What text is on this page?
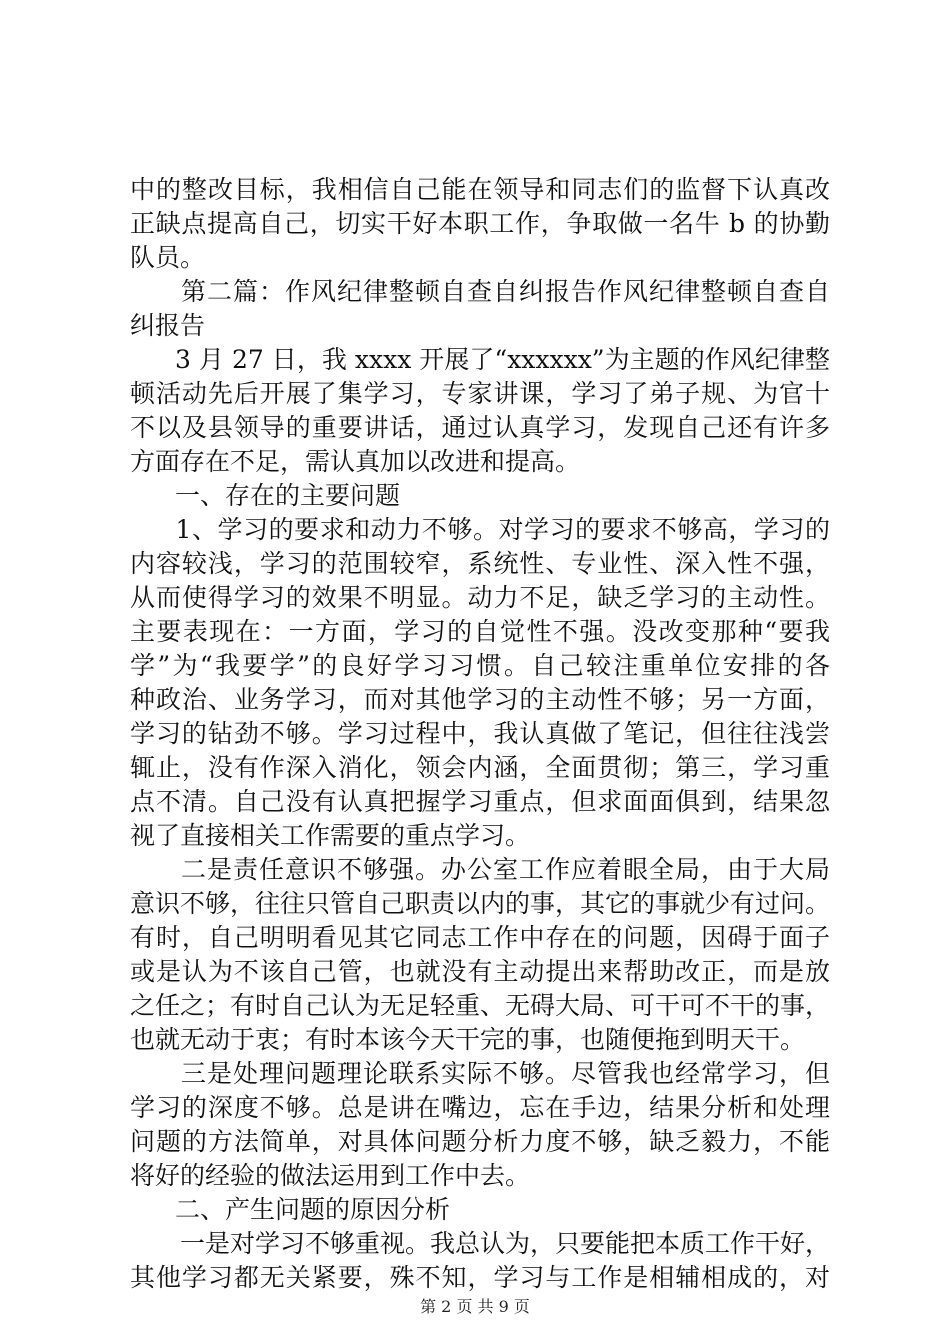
中的整改目标，我相信自己能在领导和同志们的监督下认真改
正缺点提高自己，切实干好本职工作，争取做一名牛 b 的协勤
队员。
　第二篇：作风纪律整顿自查自纠报告作风纪律整顿自查自
纠报告
　3 月 27 日，我 xxxx 开展了“xxxxxx”为主题的作风纪律整
顿活动先后开展了集学习，专家讲课，学习了弟子规、为官十
不以及县领导的重要讲话，通过认真学习，发现自己还有许多
方面存在不足，需认真加以改进和提高。
　一、存在的主要问题
　1、学习的要求和动力不够。对学习的要求不够高，学习的
内容较浅，学习的范围较窄，系统性、专业性、深入性不强，
从而使得学习的效果不明显。动力不足，缺乏学习的主动性。
主要表现在：一方面，学习的自觉性不强。没改变那种“要我
学”为“我要学”的良好学习习惯。自己较注重单位安排的各
种政治、业务学习，而对其他学习的主动性不够；另一方面，
学习的钻劲不够。学习过程中，我认真做了笔记，但往往浅尝
辄止，没有作深入消化，领会内涵，全面贯彻；第三，学习重
点不清。自己没有认真把握学习重点，但求面面俱到，结果忽
视了直接相关工作需要的重点学习。
　二是责任意识不够强。办公室工作应着眼全局，由于大局
意识不够，往往只管自己职责以内的事，其它的事就少有过问。
有时，自己明明看见其它同志工作中存在的问题，因碍于面子
或是认为不该自己管，也就没有主动提出来帮助改正，而是放
之任之；有时自己认为无足轻重、无碍大局、可干可不干的事，
也就无动于衷；有时本该今天干完的事，也随便拖到明天干。
　三是处理问题理论联系实际不够。尽管我也经常学习，但
学习的深度不够。总是讲在嘴边，忘在手边，结果分析和处理
问题的方法简单，对具体问题分析力度不够，缺乏毅力，不能
将好的经验的做法运用到工作中去。
　二、产生问题的原因分析
　一是对学习不够重视。我总认为，只要能把本质工作干好，
其他学习都无关紧要，殊不知，学习与工作是相辅相成的，对
第 2 页 共 9 页
